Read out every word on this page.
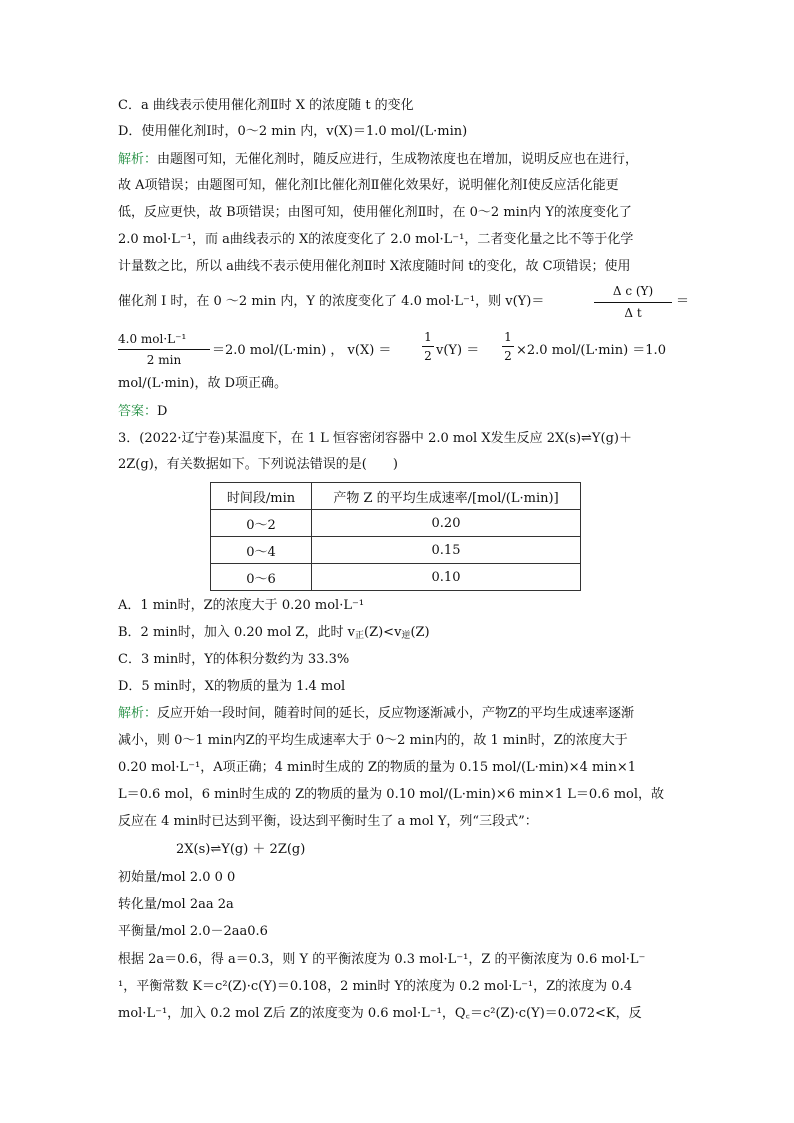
C．a 曲线表示使用催化剂Ⅱ时 X 的浓度随 t 的变化
D．使用催化剂Ⅰ时，0～2 min 内，v(X)＝1.0 mol/(L·min)
解析：由题图可知，无催化剂时，随反应进行，生成物浓度也在增加，说明反应也在进行，
故 A项错误；由题图可知，催化剂Ⅰ比催化剂Ⅱ催化效果好，说明催化剂Ⅰ使反应活化能更
低，反应更快，故 B项错误；由图可知，使用催化剂Ⅱ时，在 0～2 min内 Y的浓度变化了
2.0 mol·L⁻¹，而 a曲线表示的 X的浓度变化了 2.0 mol·L⁻¹，二者变化量之比不等于化学
计量数之比，所以 a曲线不表示使用催化剂Ⅱ时 X浓度随时间 t的变化，故 C项错误；使用
催化剂 Ⅰ 时，在 0 ～2 min 内，Y 的浓度变化了 4.0 mol·L⁻¹，则 v(Y)＝
Δ c (Y)
Δ t
＝
4.0 mol·L⁻¹
2 min
＝2.0 mol/(L·min) ， v(X) ＝
1
2 v(Y) ＝
1
2 ×2.0 mol/(L·min) ＝1.0
mol/(L·min)，故 D项正确。
答案：D
3．(2022·辽宁卷)某温度下，在 1 L 恒容密闭容器中 2.0 mol X发生反应 2X(s)⇌Y(g)＋
2Z(g)，有关数据如下。下列说法错误的是(　　)
时间段/min	产物 Z 的平均生成速率/[mol/(L·min)]
0～2	0.20
0～4	0.15
0～6	0.10
A．1 min时，Z的浓度大于 0.20 mol·L⁻¹
B．2 min时，加入 0.20 mol Z，此时 $v_正(Z)<v_逆(Z)$
C．3 min时，Y的体积分数约为 33.3%
D．5 min时，X的物质的量为 1.4 mol
解析：反应开始一段时间，随着时间的延长，反应物逐渐减小，产物Z的平均生成速率逐渐
减小，则 0～1 min内Z的平均生成速率大于 0～2 min内的，故 1 min时，Z的浓度大于
0.20 mol·L⁻¹，A项正确；4 min时生成的 Z的物质的量为 0.15 mol/(L·min)×4 min×1
L＝0.6 mol，6 min时生成的 Z的物质的量为 0.10 mol/(L·min)×6 min×1 L＝0.6 mol，故
反应在 4 min时已达到平衡，设达到平衡时生了 a mol Y，列“三段式”：
2X(s)⇌Y(g) ＋ 2Z(g)
初始量/mol 2.0 0 0
转化量/mol 2aa 2a
平衡量/mol 2.0－2aa0.6
根据 2a＝0.6，得 a＝0.3，则 Y 的平衡浓度为 0.3 mol·L⁻¹，Z 的平衡浓度为 0.6 mol·L⁻
¹，平衡常数 K＝c²(Z)·c(Y)＝0.108，2 min时 Y的浓度为 0.2 mol·L⁻¹，Z的浓度为 0.4
mol·L⁻¹，加入 0.2 mol Z后 Z的浓度变为 0.6 mol·L⁻¹，Q꜀＝c²(Z)·c(Y)＝0.072<K，反
